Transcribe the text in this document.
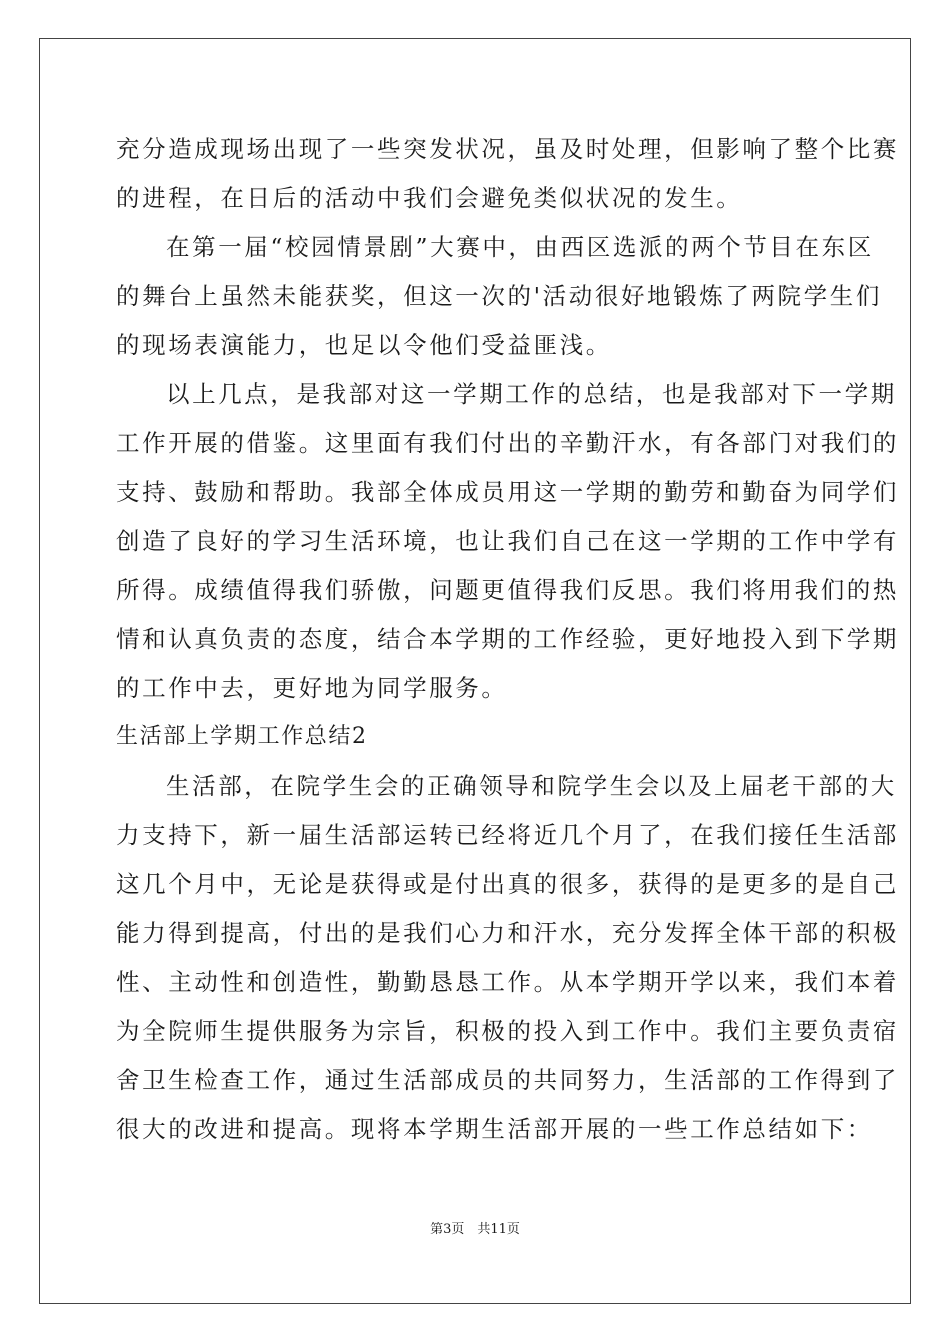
充分造成现场出现了一些突发状况，虽及时处理，但影响了整个比赛
的进程，在日后的活动中我们会避免类似状况的发生。
在第一届“校园情景剧”大赛中，由西区选派的两个节目在东区
的舞台上虽然未能获奖，但这一次的'活动很好地锻炼了两院学生们
的现场表演能力，也足以令他们受益匪浅。
以上几点，是我部对这一学期工作的总结，也是我部对下一学期
工作开展的借鉴。这里面有我们付出的辛勤汗水，有各部门对我们的
支持、鼓励和帮助。我部全体成员用这一学期的勤劳和勤奋为同学们
创造了良好的学习生活环境，也让我们自己在这一学期的工作中学有
所得。成绩值得我们骄傲，问题更值得我们反思。我们将用我们的热
情和认真负责的态度，结合本学期的工作经验，更好地投入到下学期
的工作中去，更好地为同学服务。
生活部上学期工作总结2
生活部，在院学生会的正确领导和院学生会以及上届老干部的大
力支持下，新一届生活部运转已经将近几个月了，在我们接任生活部
这几个月中，无论是获得或是付出真的很多，获得的是更多的是自己
能力得到提高，付出的是我们心力和汗水，充分发挥全体干部的积极
性、主动性和创造性，勤勤恳恳工作。从本学期开学以来，我们本着
为全院师生提供服务为宗旨，积极的投入到工作中。我们主要负责宿
舍卫生检查工作，通过生活部成员的共同努力，生活部的工作得到了
很大的改进和提高。现将本学期生活部开展的一些工作总结如下：
第3页　共11页
